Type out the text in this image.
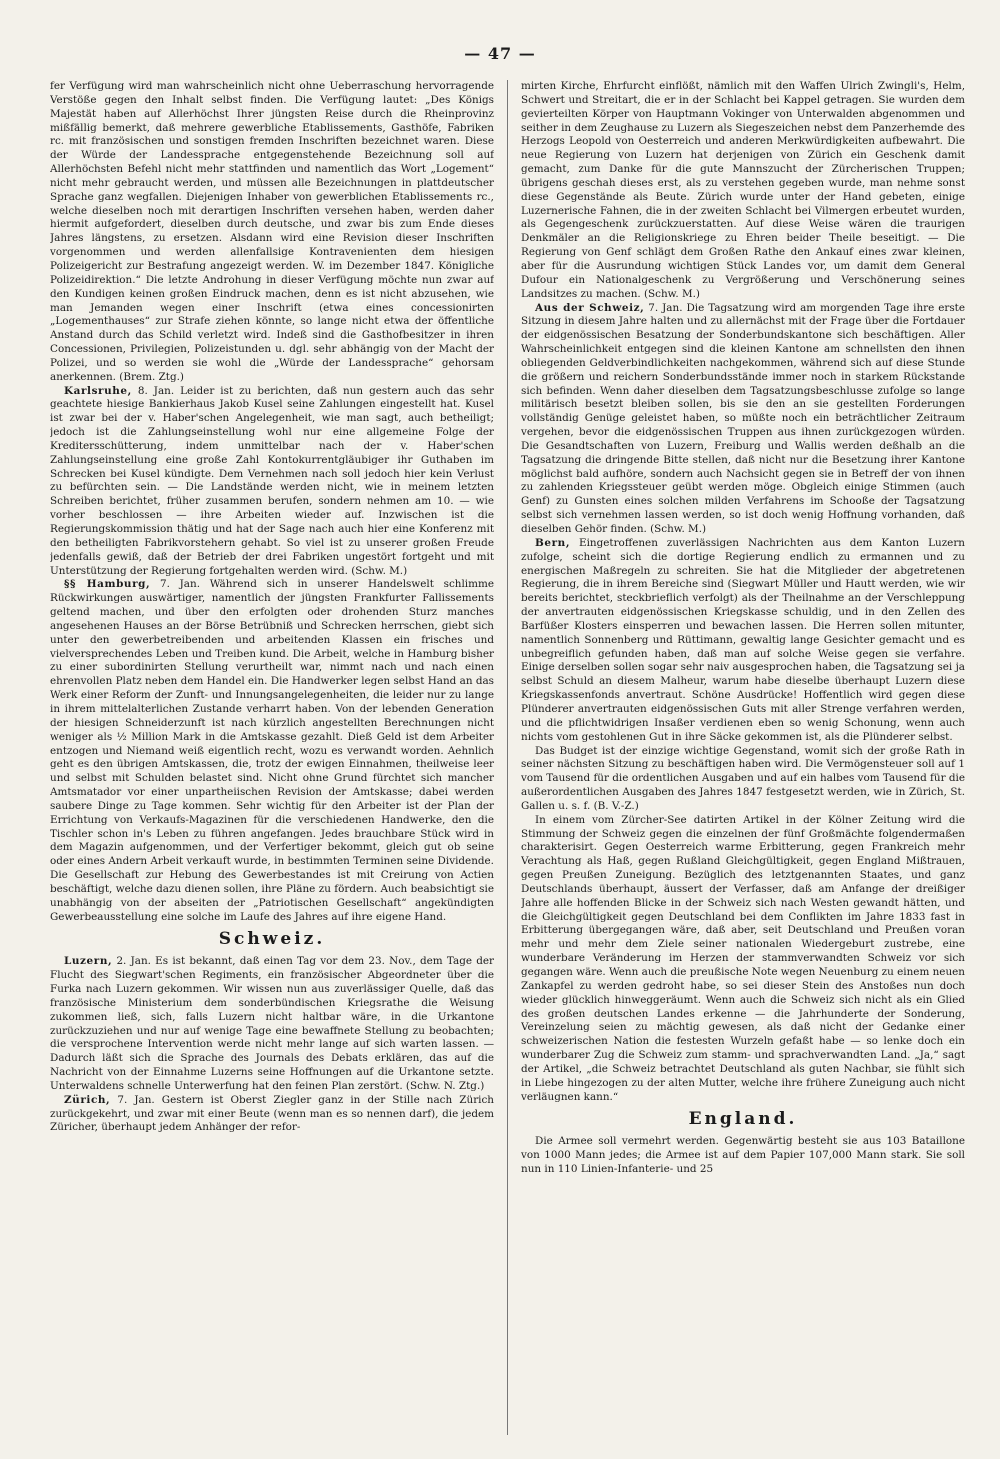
— 47 —

fer Verfügung wird man wahrscheinlich nicht ohne Ueberraschung hervorragende Verstöße gegen den Inhalt selbst finden. Die Verfügung lautet: „Des Königs Majestät haben auf Allerhöchst Ihrer jüngsten Reise durch die Rheinprovinz mißfällig bemerkt, daß mehrere gewerbliche Etablissements, Gasthöfe, Fabriken rc. mit französischen und sonstigen fremden Inschriften bezeichnet waren. Diese der Würde der Landessprache entgegenstehende Bezeichnung soll auf Allerhöchsten Befehl nicht mehr stattfinden und namentlich das Wort „Logement“ nicht mehr gebraucht werden, und müssen alle Bezeichnungen in plattdeutscher Sprache ganz wegfallen. Diejenigen Inhaber von gewerblichen Etablissements rc., welche dieselben noch mit derartigen Inschriften versehen haben, werden daher hiermit aufgefordert, dieselben durch deutsche, und zwar bis zum Ende dieses Jahres längstens, zu ersetzen. Alsdann wird eine Revision dieser Inschriften vorgenommen und werden allenfallsige Kontravenienten dem hiesigen Polizeigericht zur Bestrafung angezeigt werden. W. im Dezember 1847. Königliche Polizeidirektion.“ Die letzte Androhung in dieser Verfügung möchte nun zwar auf den Kundigen keinen großen Eindruck machen, denn es ist nicht abzusehen, wie man Jemanden wegen einer Inschrift (etwa eines concessionirten „Logementhauses“ zur Strafe ziehen könnte, so lange nicht etwa der öffentliche Anstand durch das Schild verletzt wird. Indeß sind die Gasthofbesitzer in ihren Concessionen, Privilegien, Polizeistunden u. dgl. sehr abhängig von der Macht der Polizei, und so werden sie wohl die „Würde der Landessprache“ gehorsam anerkennen. (Brem. Ztg.)

Karlsruhe, 8. Jan. Leider ist zu berichten, daß nun gestern auch das sehr geachtete hiesige Bankierhaus Jakob Kusel seine Zahlungen eingestellt hat. Kusel ist zwar bei der v. Haber'schen Angelegenheit, wie man sagt, auch betheiligt; jedoch ist die Zahlungseinstellung wohl nur eine allgemeine Folge der Kreditersschütterung, indem unmittelbar nach der v. Haber'schen Zahlungseinstellung eine große Zahl Kontokurrentgläubiger ihr Guthaben im Schrecken bei Kusel kündigte. Dem Vernehmen nach soll jedoch hier kein Verlust zu befürchten sein. — Die Landstände werden nicht, wie in meinem letzten Schreiben berichtet, früher zusammen berufen, sondern nehmen am 10. — wie vorher beschlossen — ihre Arbeiten wieder auf. Inzwischen ist die Regierungskommission thätig und hat der Sage nach auch hier eine Konferenz mit den betheiligten Fabrikvorstehern gehabt. So viel ist zu unserer großen Freude jedenfalls gewiß, daß der Betrieb der drei Fabriken ungestört fortgeht und mit Unterstützung der Regierung fortgehalten werden wird. (Schw. M.)

§§ Hamburg, 7. Jan. Während sich in unserer Handelswelt schlimme Rückwirkungen auswärtiger, namentlich der jüngsten Frankfurter Fallissements geltend machen, und über den erfolgten oder drohenden Sturz manches angesehenen Hauses an der Börse Betrübniß und Schrecken herrschen, giebt sich unter den gewerbetreibenden und arbeitenden Klassen ein frisches und vielversprechendes Leben und Treiben kund. Die Arbeit, welche in Hamburg bisher zu einer subordinirten Stellung verurtheilt war, nimmt nach und nach einen ehrenvollen Platz neben dem Handel ein. Die Handwerker legen selbst Hand an das Werk einer Reform der Zunft- und Innungsangelegenheiten, die leider nur zu lange in ihrem mittelalterlichen Zustande verharrt haben. Von der lebenden Generation der hiesigen Schneiderzunft ist nach kürzlich angestellten Berechnungen nicht weniger als ½ Million Mark in die Amtskasse gezahlt. Dieß Geld ist dem Arbeiter entzogen und Niemand weiß eigentlich recht, wozu es verwandt worden. Aehnlich geht es den übrigen Amtskassen, die, trotz der ewigen Einnahmen, theilweise leer und selbst mit Schulden belastet sind. Nicht ohne Grund fürchtet sich mancher Amtsmatador vor einer unpartheiischen Revision der Amtskasse; dabei werden saubere Dinge zu Tage kommen. Sehr wichtig für den Arbeiter ist der Plan der Errichtung von Verkaufs-Magazinen für die verschiedenen Handwerke, den die Tischler schon in's Leben zu führen angefangen. Jedes brauchbare Stück wird in dem Magazin aufgenommen, und der Verfertiger bekommt, gleich gut ob seine oder eines Andern Arbeit verkauft wurde, in bestimmten Terminen seine Dividende. Die Gesellschaft zur Hebung des Gewerbestandes ist mit Creirung von Actien beschäftigt, welche dazu dienen sollen, ihre Pläne zu fördern. Auch beabsichtigt sie unabhängig von der abseiten der „Patriotischen Gesellschaft“ angekündigten Gewerbeausstellung eine solche im Laufe des Jahres auf ihre eigene Hand.

Schweiz.

Luzern, 2. Jan. Es ist bekannt, daß einen Tag vor dem 23. Nov., dem Tage der Flucht des Siegwart'schen Regiments, ein französischer Abgeordneter über die Furka nach Luzern gekommen. Wir wissen nun aus zuverlässiger Quelle, daß das französische Ministerium dem sonderbündischen Kriegsrathe die Weisung zukommen ließ, sich, falls Luzern nicht haltbar wäre, in die Urkantone zurückzuziehen und nur auf wenige Tage eine bewaffnete Stellung zu beobachten; die versprochene Intervention werde nicht mehr lange auf sich warten lassen. — Dadurch läßt sich die Sprache des Journals des Debats erklären, das auf die Nachricht von der Einnahme Luzerns seine Hoffnungen auf die Urkantone setzte. Unterwaldens schnelle Unterwerfung hat den feinen Plan zerstört. (Schw. N. Ztg.)

Zürich, 7. Jan. Gestern ist Oberst Ziegler ganz in der Stille nach Zürich zurückgekehrt, und zwar mit einer Beute (wenn man es so nennen darf), die jedem Züricher, überhaupt jedem Anhänger der refor-

mirten Kirche, Ehrfurcht einflößt, nämlich mit den Waffen Ulrich Zwingli's, Helm, Schwert und Streitart, die er in der Schlacht bei Kappel getragen. Sie wurden dem gevierteilten Körper von Hauptmann Vokinger von Unterwalden abgenommen und seither in dem Zeughause zu Luzern als Siegeszeichen nebst dem Panzerhemde des Herzogs Leopold von Oesterreich und anderen Merkwürdigkeiten aufbewahrt. Die neue Regierung von Luzern hat derjenigen von Zürich ein Geschenk damit gemacht, zum Danke für die gute Mannszucht der Zürcherischen Truppen; übrigens geschah dieses erst, als zu verstehen gegeben wurde, man nehme sonst diese Gegenstände als Beute. Zürich wurde unter der Hand gebeten, einige Luzernerische Fahnen, die in der zweiten Schlacht bei Vilmergen erbeutet wurden, als Gegengeschenk zurückzuerstatten. Auf diese Weise wären die traurigen Denkmäler an die Religionskriege zu Ehren beider Theile beseitigt. — Die Regierung von Genf schlägt dem Großen Rathe den Ankauf eines zwar kleinen, aber für die Ausrundung wichtigen Stück Landes vor, um damit dem General Dufour ein Nationalgeschenk zu Vergrößerung und Verschönerung seines Landsitzes zu machen. (Schw. M.)

Aus der Schweiz, 7. Jan. Die Tagsatzung wird am morgenden Tage ihre erste Sitzung in diesem Jahre halten und zu allernächst mit der Frage über die Fortdauer der eidgenössischen Besatzung der Sonderbundskantone sich beschäftigen. Aller Wahrscheinlichkeit entgegen sind die kleinen Kantone am schnellsten den ihnen obliegenden Geldverbindlichkeiten nachgekommen, während sich auf diese Stunde die größern und reichern Sonderbundsstände immer noch in starkem Rückstande sich befinden. Wenn daher dieselben dem Tagsatzungsbeschlusse zufolge so lange militärisch besetzt bleiben sollen, bis sie den an sie gestellten Forderungen vollständig Genüge geleistet haben, so müßte noch ein beträchtlicher Zeitraum vergehen, bevor die eidgenössischen Truppen aus ihnen zurückgezogen würden. Die Gesandtschaften von Luzern, Freiburg und Wallis werden deßhalb an die Tagsatzung die dringende Bitte stellen, daß nicht nur die Besetzung ihrer Kantone möglichst bald aufhöre, sondern auch Nachsicht gegen sie in Betreff der von ihnen zu zahlenden Kriegssteuer geübt werden möge. Obgleich einige Stimmen (auch Genf) zu Gunsten eines solchen milden Verfahrens im Schooße der Tagsatzung selbst sich vernehmen lassen werden, so ist doch wenig Hoffnung vorhanden, daß dieselben Gehör finden. (Schw. M.)

Bern, Eingetroffenen zuverlässigen Nachrichten aus dem Kanton Luzern zufolge, scheint sich die dortige Regierung endlich zu ermannen und zu energischen Maßregeln zu schreiten. Sie hat die Mitglieder der abgetretenen Regierung, die in ihrem Bereiche sind (Siegwart Müller und Hautt werden, wie wir bereits berichtet, steckbrieflich verfolgt) als der Theilnahme an der Verschleppung der anvertrauten eidgenössischen Kriegskasse schuldig, und in den Zellen des Barfüßer Klosters einsperren und bewachen lassen. Die Herren sollen mitunter, namentlich Sonnenberg und Rüttimann, gewaltig lange Gesichter gemacht und es unbegreiflich gefunden haben, daß man auf solche Weise gegen sie verfahre. Einige derselben sollen sogar sehr naiv ausgesprochen haben, die Tagsatzung sei ja selbst Schuld an diesem Malheur, warum habe dieselbe überhaupt Luzern diese Kriegskassenfonds anvertraut. Schöne Ausdrücke! Hoffentlich wird gegen diese Plünderer anvertrauten eidgenössischen Guts mit aller Strenge verfahren werden, und die pflichtwidrigen Insaßer verdienen eben so wenig Schonung, wenn auch nichts vom gestohlenen Gut in ihre Säcke gekommen ist, als die Plünderer selbst.

Das Budget ist der einzige wichtige Gegenstand, womit sich der große Rath in seiner nächsten Sitzung zu beschäftigen haben wird. Die Vermögensteuer soll auf 1 vom Tausend für die ordentlichen Ausgaben und auf ein halbes vom Tausend für die außerordentlichen Ausgaben des Jahres 1847 festgesetzt werden, wie in Zürich, St. Gallen u. s. f. (B. V.-Z.)

In einem vom Zürcher-See datirten Artikel in der Kölner Zeitung wird die Stimmung der Schweiz gegen die einzelnen der fünf Großmächte folgendermaßen charakterisirt. Gegen Oesterreich warme Erbitterung, gegen Frankreich mehr Verachtung als Haß, gegen Rußland Gleichgültigkeit, gegen England Mißtrauen, gegen Preußen Zuneigung. Bezüglich des letztgenannten Staates, und ganz Deutschlands überhaupt, äussert der Verfasser, daß am Anfange der dreißiger Jahre alle hoffenden Blicke in der Schweiz sich nach Westen gewandt hätten, und die Gleichgültigkeit gegen Deutschland bei dem Conflikten im Jahre 1833 fast in Erbitterung übergegangen wäre, daß aber, seit Deutschland und Preußen voran mehr und mehr dem Ziele seiner nationalen Wiedergeburt zustrebe, eine wunderbare Veränderung im Herzen der stammverwandten Schweiz vor sich gegangen wäre. Wenn auch die preußische Note wegen Neuenburg zu einem neuen Zankapfel zu werden gedroht habe, so sei dieser Stein des Anstoßes nun doch wieder glücklich hinweggeräumt. Wenn auch die Schweiz sich nicht als ein Glied des großen deutschen Landes erkenne — die Jahrhunderte der Sonderung, Vereinzelung seien zu mächtig gewesen, als daß nicht der Gedanke einer schweizerischen Nation die festesten Wurzeln gefaßt habe — so lenke doch ein wunderbarer Zug die Schweiz zum stamm- und sprachverwandten Land. „Ja,“ sagt der Artikel, „die Schweiz betrachtet Deutschland als guten Nachbar, sie fühlt sich in Liebe hingezogen zu der alten Mutter, welche ihre frühere Zuneigung auch nicht verläugnen kann.“

England.

Die Armee soll vermehrt werden. Gegenwärtig besteht sie aus 103 Bataillone von 1000 Mann jedes; die Armee ist auf dem Papier 107,000 Mann stark. Sie soll nun in 110 Linien-Infanterie- und 25
